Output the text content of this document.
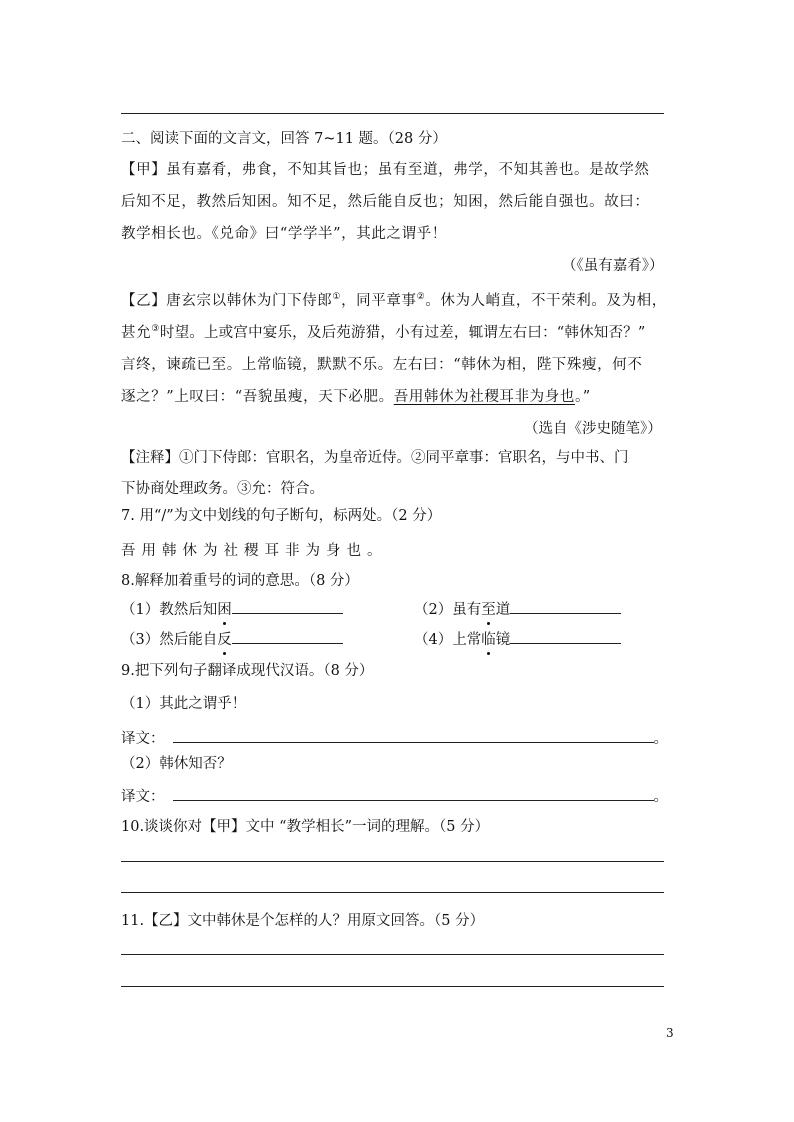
二、阅读下面的文言文，回答 7~11 题。（28 分）
【甲】虽有嘉肴，弗食，不知其旨也；虽有至道，弗学，不知其善也。是故学然
后知不足，教然后知困。知不足，然后能自反也；知困，然后能自强也。故曰：
教学相长也。《兑命》曰“学学半”，其此之谓乎！
（《虽有嘉肴》）
【乙】唐玄宗以韩休为门下侍郎①，同平章事②。休为人峭直，不干荣利。及为相，
甚允③时望。上或宫中宴乐，及后苑游猎，小有过差，辄谓左右曰：“韩休知否？”
言终，谏疏已至。上常临镜，默默不乐。左右曰：“韩休为相，陛下殊瘦，何不
逐之？”上叹曰：“吾貌虽瘦，天下必肥。吾用韩休为社稷耳非为身也。”
（选自《涉史随笔》）
【注释】①门下侍郎：官职名，为皇帝近侍。②同平章事：官职名，与中书、门
下协商处理政务。③允：符合。
7. 用“/”为文中划线的句子断句，标两处。（2 分）
吾用韩休为社稷耳非为身也。
8.解释加着重号的词的意思。（8 分）
（1）教然后知困	（2）虽有至道
（3）然后能自反	（4）上常临镜
9.把下列句子翻译成现代汉语。（8 分）
（1）其此之谓乎！
译文：	。
（2）韩休知否？
译文：	。
10.谈谈你对【甲】文中 “教学相长”一词的理解。（5 分）
11.【乙】文中韩休是个怎样的人？用原文回答。（5 分）
3
